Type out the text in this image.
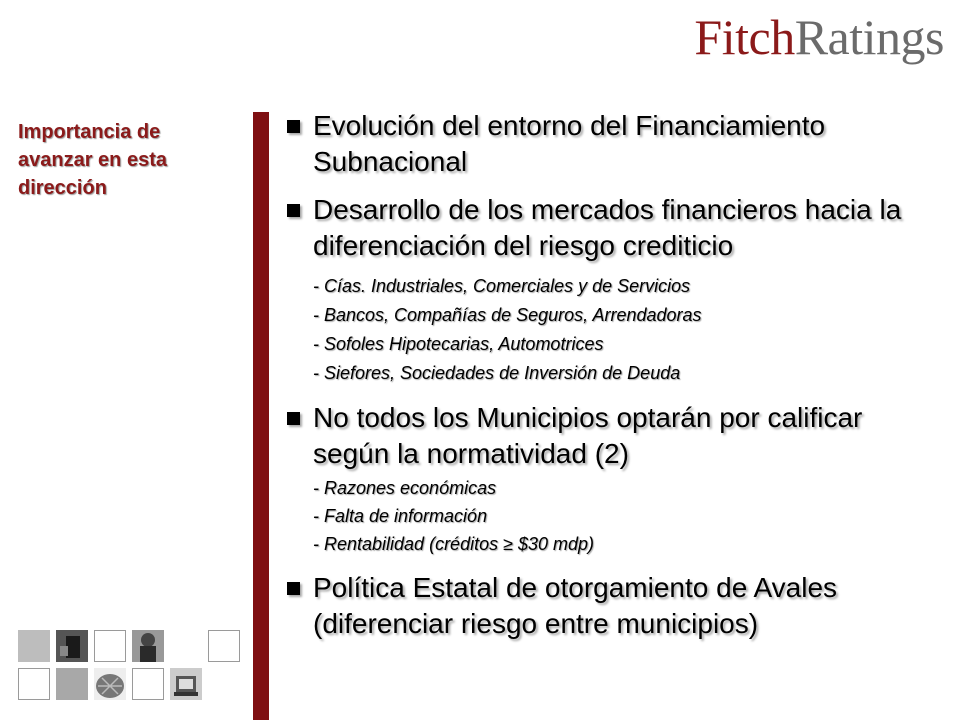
FitchRatings
Importancia de avanzar en esta dirección
Evolución del entorno del Financiamiento Subnacional
Desarrollo de los mercados financieros hacia la diferenciación del riesgo crediticio
- Cías. Industriales, Comerciales y de Servicios
- Bancos, Compañías de Seguros, Arrendadoras
- Sofoles Hipotecarias, Automotrices
- Siefores, Sociedades de Inversión de Deuda
No todos los Municipios optarán por calificar según la normatividad (2)
- Razones económicas
- Falta de información
- Rentabilidad (créditos ≥ $30 mdp)
Política Estatal de otorgamiento de Avales (diferenciar riesgo entre municipios)
